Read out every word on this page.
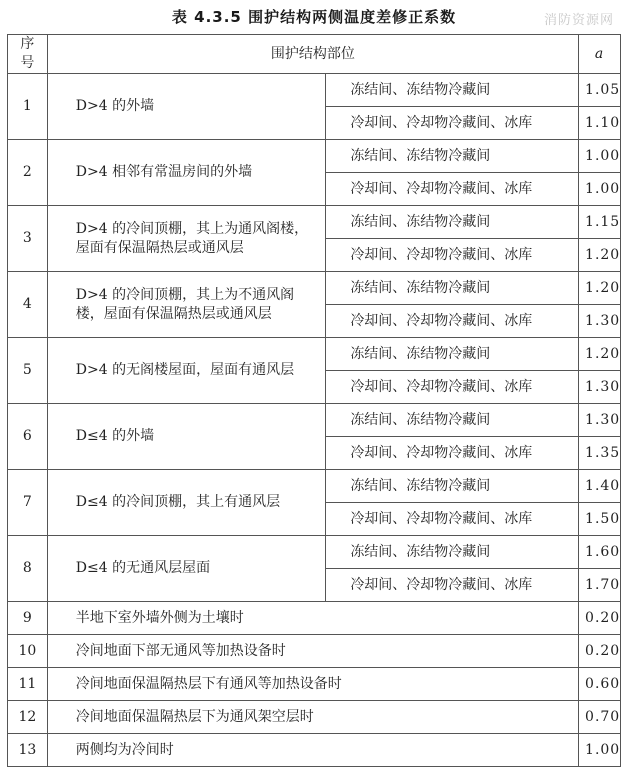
表 4.3.5 围护结构两侧温度差修正系数	消防资源网
序号	围护结构部位		a
1	D>4 的外墙	冻结间、冻结物冷藏间	1.05
		冷却间、冷却物冷藏间、冰库	1.10
2	D>4 相邻有常温房间的外墙	冻结间、冻结物冷藏间	1.00
		冷却间、冷却物冷藏间、冰库	1.00
3	D>4 的冷间顶棚，其上为通风阁楼，屋面有保温隔热层或通风层	冻结间、冻结物冷藏间	1.15
		冷却间、冷却物冷藏间、冰库	1.20
4	D>4 的冷间顶棚，其上为不通风阁楼，屋面有保温隔热层或通风层	冻结间、冻结物冷藏间	1.20
		冷却间、冷却物冷藏间、冰库	1.30
5	D>4 的无阁楼屋面，屋面有通风层	冻结间、冻结物冷藏间	1.20
		冷却间、冷却物冷藏间、冰库	1.30
6	D≤4 的外墙	冻结间、冻结物冷藏间	1.30
		冷却间、冷却物冷藏间、冰库	1.35
7	D≤4 的冷间顶棚，其上有通风层	冻结间、冻结物冷藏间	1.40
		冷却间、冷却物冷藏间、冰库	1.50
8	D≤4 的无通风层屋面	冻结间、冻结物冷藏间	1.60
		冷却间、冷却物冷藏间、冰库	1.70
9	半地下室外墙外侧为土壤时		0.20
10	冷间地面下部无通风等加热设备时		0.20
11	冷间地面保温隔热层下有通风等加热设备时		0.60
12	冷间地面保温隔热层下为通风架空层时		0.70
13	两侧均为冷间时		1.00
